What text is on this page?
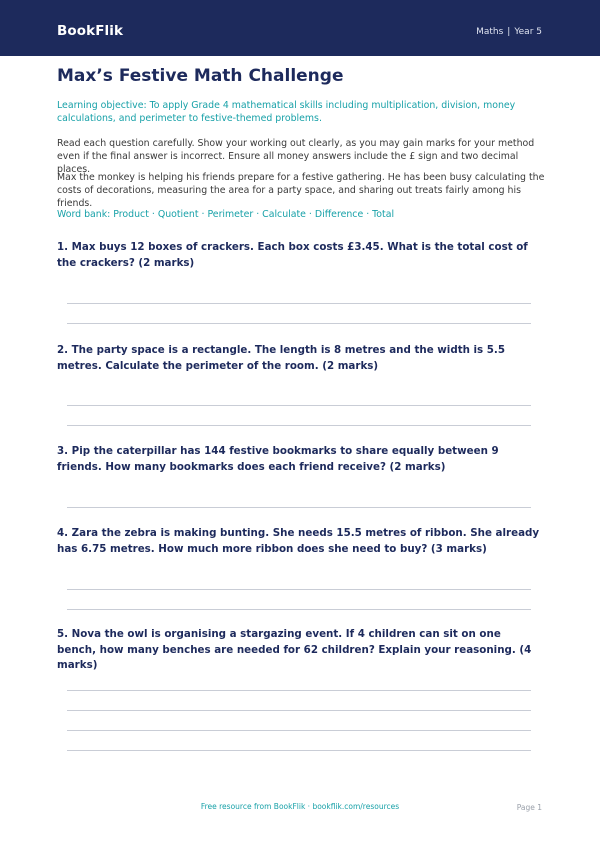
BookFlik	Maths | Year 5
Max’s Festive Math Challenge
Learning objective: To apply Grade 4 mathematical skills including multiplication, division, money calculations, and perimeter to festive-themed problems.
Read each question carefully. Show your working out clearly, as you may gain marks for your method even if the final answer is incorrect. Ensure all money answers include the £ sign and two decimal places.
Max the monkey is helping his friends prepare for a festive gathering. He has been busy calculating the costs of decorations, measuring the area for a party space, and sharing out treats fairly among his friends.
Word bank: Product · Quotient · Perimeter · Calculate · Difference · Total
1. Max buys 12 boxes of crackers. Each box costs £3.45. What is the total cost of the crackers? (2 marks)
2. The party space is a rectangle. The length is 8 metres and the width is 5.5 metres. Calculate the perimeter of the room. (2 marks)
3. Pip the caterpillar has 144 festive bookmarks to share equally between 9 friends. How many bookmarks does each friend receive? (2 marks)
4. Zara the zebra is making bunting. She needs 15.5 metres of ribbon. She already has 6.75 metres. How much more ribbon does she need to buy? (3 marks)
5. Nova the owl is organising a stargazing event. If 4 children can sit on one bench, how many benches are needed for 62 children? Explain your reasoning. (4 marks)
Free resource from BookFlik · bookflik.com/resources	Page 1
